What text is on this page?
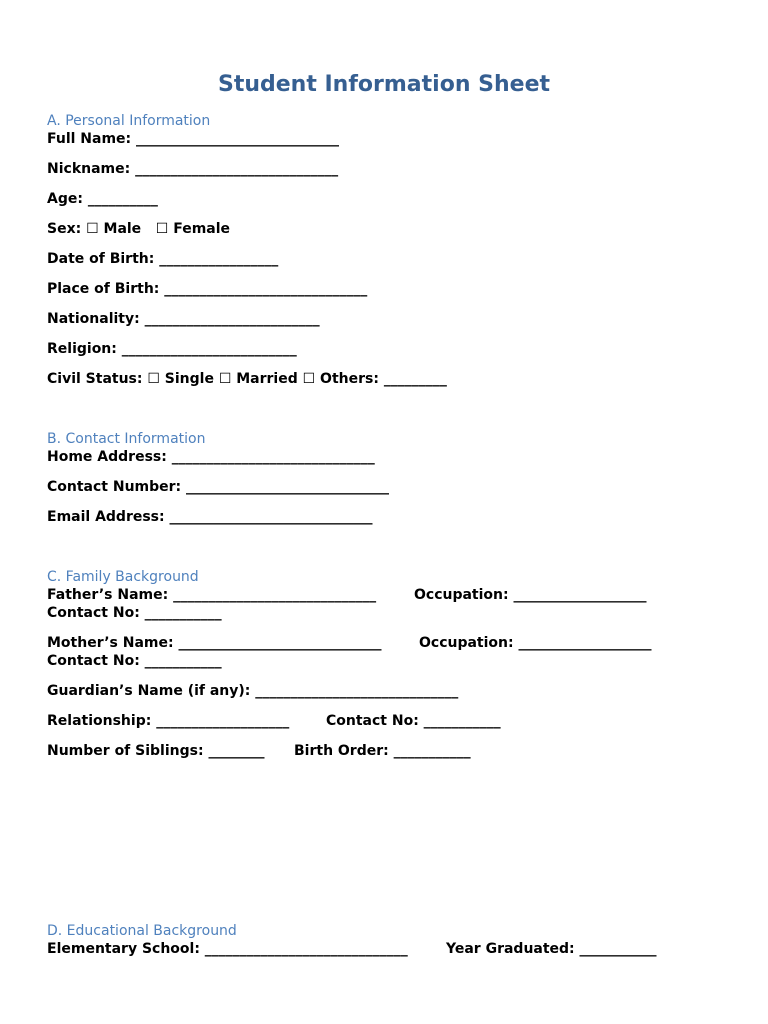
Student Information Sheet
A. Personal Information

Full Name: _____________________________

Nickname: _____________________________

Age: __________

Sex: ☐ Male   ☐ Female

Date of Birth: _________________

Place of Birth: _____________________________

Nationality: _________________________

Religion: _________________________

Civil Status: ☐ Single ☐ Married ☐ Others: _________

B. Contact Information

Home Address: _____________________________

Contact Number: _____________________________

Email Address: _____________________________

C. Family Background

Father’s Name: _____________________________	Occupation: ___________________

Contact No: ___________

Mother’s Name: _____________________________	Occupation: ___________________

Contact No: ___________

Guardian’s Name (if any): _____________________________

Relationship: ___________________	Contact No: ___________

Number of Siblings: ________ Birth Order: ___________

D. Educational Background

Elementary School: _____________________________	Year Graduated: ___________
